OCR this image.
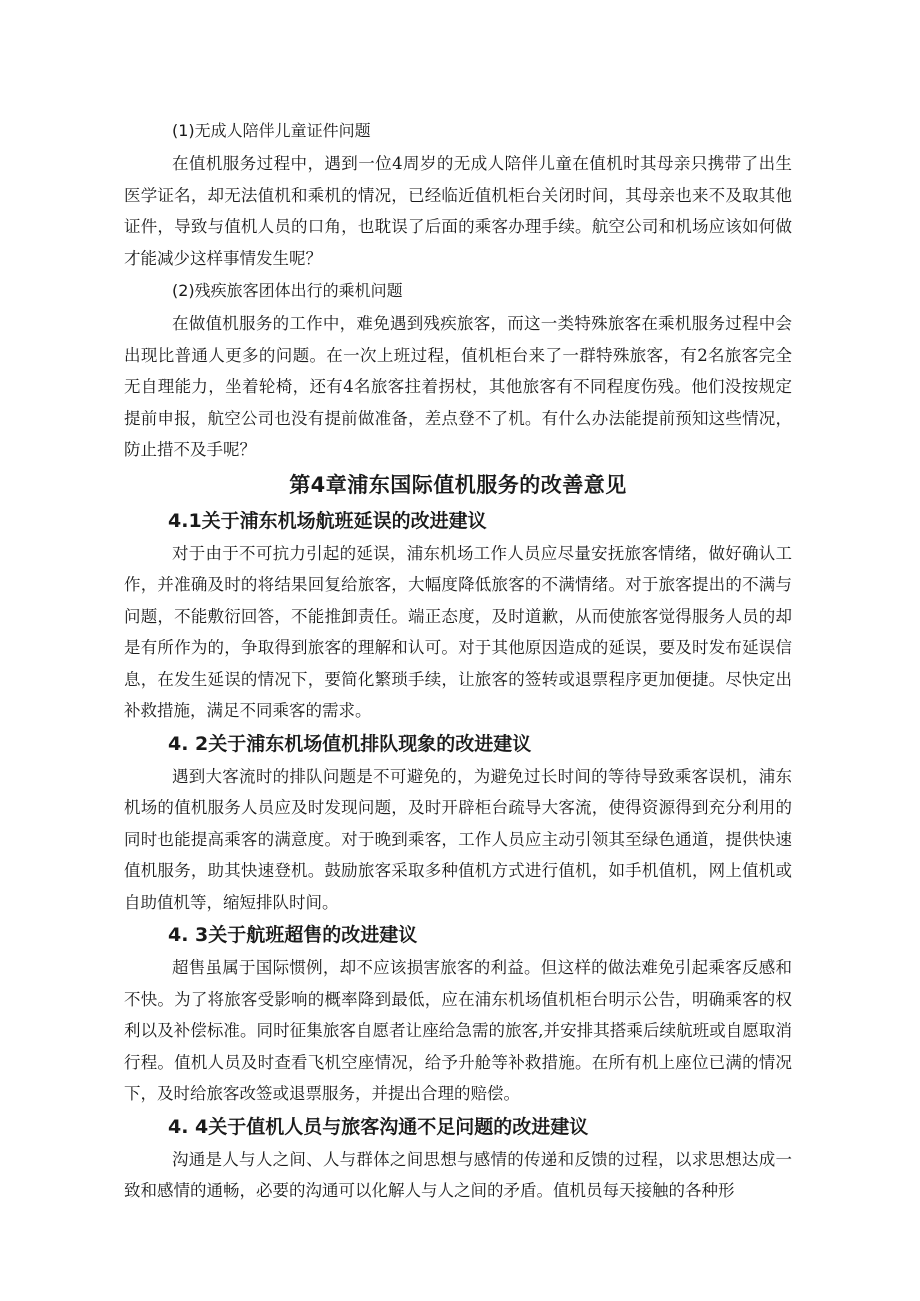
(1)无成人陪伴儿童证件问题

在值机服务过程中，遇到一位4周岁的无成人陪伴儿童在值机时其母亲只携带了出生医学证名，却无法值机和乘机的情况，已经临近值机柜台关闭时间，其母亲也来不及取其他证件，导致与值机人员的口角，也耽误了后面的乘客办理手续。航空公司和机场应该如何做才能减少这样事情发生呢？

(2)残疾旅客团体出行的乘机问题

在做值机服务的工作中，难免遇到残疾旅客，而这一类特殊旅客在乘机服务过程中会出现比普通人更多的问题。在一次上班过程，值机柜台来了一群特殊旅客，有2名旅客完全无自理能力，坐着轮椅，还有4名旅客拄着拐杖，其他旅客有不同程度伤残。他们没按规定提前申报，航空公司也没有提前做准备，差点登不了机。有什么办法能提前预知这些情况，防止措不及手呢？

第4章浦东国际值机服务的改善意见
4.1关于浦东机场航班延误的改进建议

对于由于不可抗力引起的延误，浦东机场工作人员应尽量安抚旅客情绪，做好确认工作，并准确及时的将结果回复给旅客，大幅度降低旅客的不满情绪。对于旅客提出的不满与问题，不能敷衍回答，不能推卸责任。端正态度，及时道歉，从而使旅客觉得服务人员的却是有所作为的，争取得到旅客的理解和认可。对于其他原因造成的延误，要及时发布延误信息，在发生延误的情况下，要简化繁琐手续，让旅客的签转或退票程序更加便捷。尽快定出补救措施，满足不同乘客的需求。

4. 2关于浦东机场值机排队现象的改进建议

遇到大客流时的排队问题是不可避免的，为避免过长时间的等待导致乘客误机，浦东机场的值机服务人员应及时发现问题，及时开辟柜台疏导大客流，使得资源得到充分利用的同时也能提高乘客的满意度。对于晚到乘客，工作人员应主动引领其至绿色通道，提供快速值机服务，助其快速登机。鼓励旅客采取多种值机方式进行值机，如手机值机，网上值机或自助值机等，缩短排队时间。

4. 3关于航班超售的改进建议

超售虽属于国际惯例，却不应该损害旅客的利益。但这样的做法难免引起乘客反感和不快。为了将旅客受影响的概率降到最低，应在浦东机场值机柜台明示公告，明确乘客的权利以及补偿标准。同时征集旅客自愿者让座给急需的旅客,并安排其搭乘后续航班或自愿取消行程。值机人员及时查看飞机空座情况，给予升舱等补救措施。在所有机上座位已满的情况下，及时给旅客改签或退票服务，并提出合理的赔偿。

4. 4关于值机人员与旅客沟通不足问题的改进建议

沟通是人与人之间、人与群体之间思想与感情的传递和反馈的过程，以求思想达成一致和感情的通畅，必要的沟通可以化解人与人之间的矛盾。值机员每天接触的各种形
